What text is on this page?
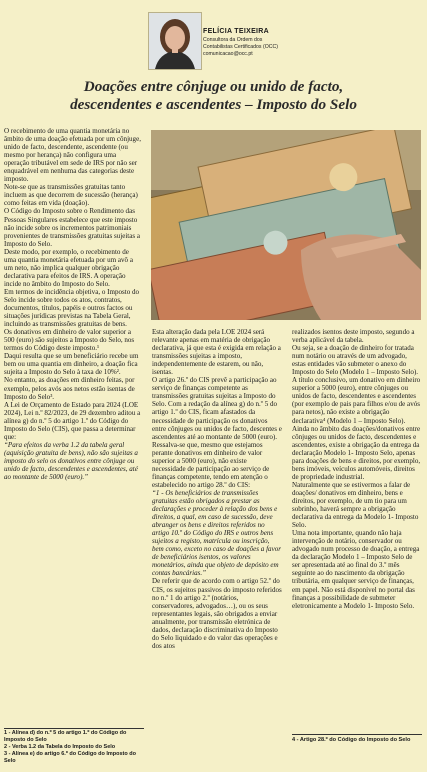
FELÍCIA TEIXEIRA
Consultora da Ordem dos
Contabilistas Certificados (OCC)
comunicacao@occ.pt
Doações entre cônjuge ou unido de facto,
descendentes e ascendentes – Imposto do Selo

O recebimento de uma quantia monetária no âmbito de uma doação efetuada por um cônjuge, unido de facto, descendente, ascendente (ou mesmo por herança) não configura uma operação tributável em sede de IRS por não ser enquadrável em nenhuma das categorias deste imposto.

Note-se que as transmissões gratuitas tanto incluem as que decorrem de sucessão (herança) como feitas em vida (doação).

O Código do Imposto sobre o Rendimento das Pessoas Singulares estabelece que este imposto não incide sobre os incrementos patrimoniais provenientes de transmissões gratuitas sujeitas a Imposto do Selo.

Deste modo, por exemplo, o recebimento de uma quantia monetária efetuada por um avô a um neto, não implica qualquer obrigação declarativa para efeitos de IRS. A operação incide no âmbito do Imposto do Selo.

Em termos de incidência objetiva, o Imposto do Selo incide sobre todos os atos, contratos, documentos, títulos, papéis e outros factos ou situações jurídicas previstas na Tabela Geral, incluindo as transmissões gratuitas de bens.

Os donativos em dinheiro de valor superior a 500 (euro) são sujeitos a Imposto do Selo, nos termos do Código deste imposto.¹

Daqui resulta que se um beneficiário recebe um bem ou uma quantia em dinheiro, a doação fica sujeita a Imposto do Selo à taxa de 10%².

No entanto, as doações em dinheiro feitas, por exemplo, pelos avós aos netos estão isentas de Imposto do Selo³.

A Lei de Orçamento de Estado para 2024 (LOE 2024), Lei n.º 82/2023, de 29 dezembro aditou a alínea g) do n.º 5 do artigo 1.º do Código do Imposto do Selo (CIS), que passa a determinar que:

“Para efeitos da verba 1.2 da tabela geral (aquisição gratuita de bens), não são sujeitas a imposto do selo os donativos entre cônjuge ou unido de facto, descendentes e ascendentes, até ao montante de 5000 (euro).”

Esta alteração dada pela LOE 2024 será relevante apenas em matéria de obrigação declarativa, já que esta é exigida em relação a transmissões sujeitas a imposto, independentemente de estarem, ou não, isentas.

O artigo 26.º do CIS prevê a participação ao serviço de finanças competente as transmissões gratuitas sujeitas a Imposto do Selo. Com a redação da alínea g) do n.º 5 do artigo 1.º do CIS, ficam afastados da necessidade de participação os donativos entre cônjuges ou unidos de facto, descentes e ascendentes até ao montante de 5000 (euro).

Ressalva-se que, mesmo que estejamos perante donativos em dinheiro de valor superior a 5000 (euro), não existe necessidade de participação ao serviço de finanças competente, tendo em atenção o estabelecido no artigo 28.º do CIS:

“1 - Os beneficiários de transmissões gratuitas estão obrigados a prestar as declarações e proceder à relação dos bens e direitos, a qual, em caso de sucessão, deve abranger os bens e direitos referidos no artigo 10.º do Código do IRS e outros bens sujeitos a registo, matrícula ou inscrição, bem como, exceto no caso de doações a favor de beneficiários isentos, os valores monetários, ainda que objeto de depósito em contas bancárias.”

De referir que de acordo com o artigo 52.º do CIS, os sujeitos passivos do imposto referidos no n.º 1 do artigo 2.º (notários, conservadores, advogados…), ou os seus representantes legais, são obrigados a enviar anualmente, por transmissão eletrónica de dados, declaração discriminativa do Imposto do Selo liquidado e do valor das operações e dos atos

realizados isentos deste imposto, segundo a verba aplicável da tabela.

Ou seja, se a doação de dinheiro for tratada num notário ou através de um advogado, estas entidades vão submeter o anexo do Imposto do Selo (Modelo 1 – Imposto Selo).

A título conclusivo, um donativo em dinheiro superior a 5000 (euro), entre cônjuges ou unidos de facto, descendentes e ascendentes (por exemplo de pais para filhos e/ou de avós para netos), não existe a obrigação declarativa⁴ (Modelo 1 – Imposto Selo).

Ainda no âmbito das doações/donativos entre cônjuges ou unidos de facto, descendentes e ascendentes, existe a obrigação da entrega da declaração Modelo 1- Imposto Selo, apenas para doações de bens e direitos, por exemplo, bens imóveis, veículos automóveis, direitos de propriedade industrial.

Naturalmente que se estivermos a falar de doações/ donativos em dinheiro, bens e direitos, por exemplo, de um tio para um sobrinho, haverá sempre a obrigação declarativa da entrega da Modelo 1- Imposto Selo.

Uma nota importante, quando não haja intervenção de notário, conservador ou advogado num processo de doação, a entrega da declaração Modelo 1 – Imposto Selo de ser apresentada até ao final do 3.º mês seguinte ao do nascimento da obrigação tributária, em qualquer serviço de finanças, em papel. Não está disponível no portal das finanças a possibilidade de submeter eletronicamente a Modelo 1- Imposto Selo.

1 - Alínea d) do n.º 5 do artigo 1.º do Código do Imposto do Selo
2 - Verba 1.2 da Tabela do Imposto do Selo
3 - Alínea e) do artigo 6.º do Código do Imposto do Selo
4 - Artigo 28.º do Código do Imposto do Selo
